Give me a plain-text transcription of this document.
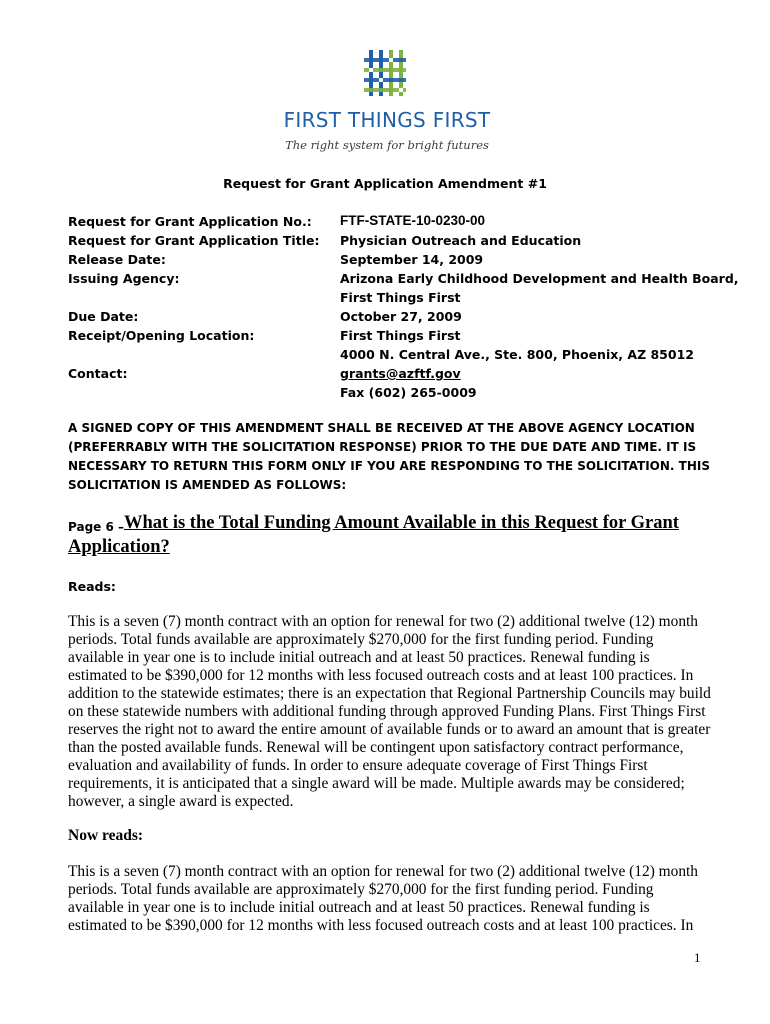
FIRST THINGS FIRST
The right system for bright futures
Request for Grant Application Amendment #1
Request for Grant Application No.: FTF-STATE-10-0230-00
Request for Grant Application Title: Physician Outreach and Education
Release Date:	September 14, 2009
Issuing Agency:	Arizona Early Childhood Development and Health Board,
First Things First
Due Date:	October 27, 2009
Receipt/Opening Location:	First Things First
4000 N. Central Ave., Ste. 800, Phoenix, AZ 85012
Contact:	grants@azftf.gov
Fax (602) 265-0009
A SIGNED COPY OF THIS AMENDMENT SHALL BE RECEIVED AT THE ABOVE AGENCY LOCATION
(PREFERRABLY WITH THE SOLICITATION RESPONSE) PRIOR TO THE DUE DATE AND TIME. IT IS
NECESSARY TO RETURN THIS FORM ONLY IF YOU ARE RESPONDING TO THE SOLICITATION. THIS
SOLICITATION IS AMENDED AS FOLLOWS:
Page 6 – What is the Total Funding Amount Available in this Request for Grant
Application?
Reads:
This is a seven (7) month contract with an option for renewal for two (2) additional twelve (12) month
periods. Total funds available are approximately $270,000 for the first funding period. Funding
available in year one is to include initial outreach and at least 50 practices. Renewal funding is
estimated to be $390,000 for 12 months with less focused outreach costs and at least 100 practices. In
addition to the statewide estimates; there is an expectation that Regional Partnership Councils may build
on these statewide numbers with additional funding through approved Funding Plans. First Things First
reserves the right not to award the entire amount of available funds or to award an amount that is greater
than the posted available funds. Renewal will be contingent upon satisfactory contract performance,
evaluation and availability of funds. In order to ensure adequate coverage of First Things First
requirements, it is anticipated that a single award will be made. Multiple awards may be considered;
however, a single award is expected.
Now reads:
This is a seven (7) month contract with an option for renewal for two (2) additional twelve (12) month
periods. Total funds available are approximately $270,000 for the first funding period. Funding
available in year one is to include initial outreach and at least 50 practices. Renewal funding is
estimated to be $390,000 for 12 months with less focused outreach costs and at least 100 practices. In
1
